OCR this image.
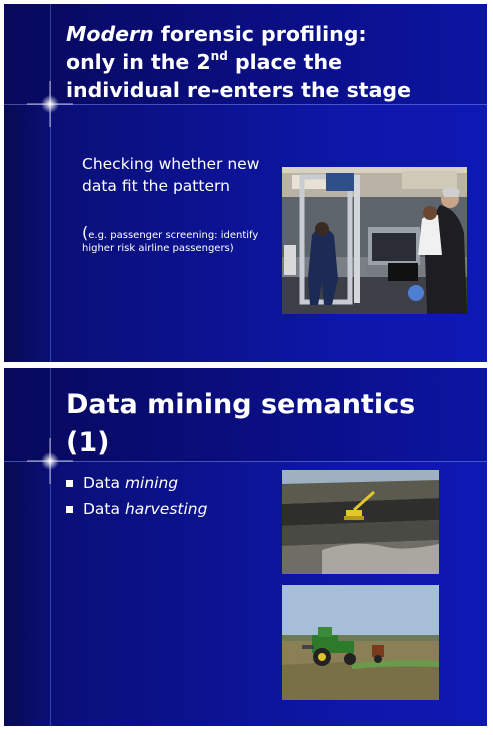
Modern forensic profiling:
only in the 2nd place the
individual re-enters the stage
Checking whether new data fit the pattern
(e.g. passenger screening: identify higher risk airline passengers)
Data mining semantics
(1)
Data mining
Data harvesting
